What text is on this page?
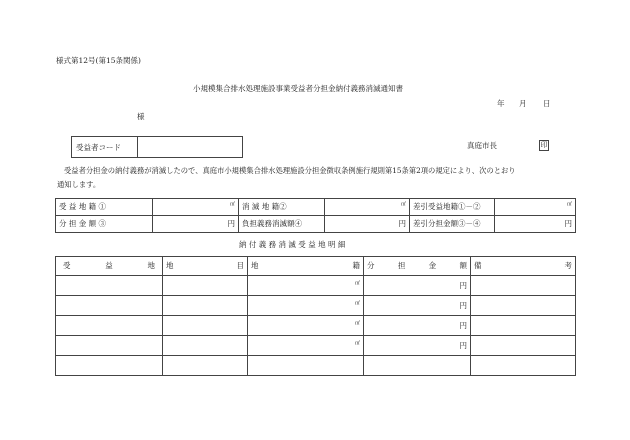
様式第12号(第15条関係)
小規模集合排水処理施設事業受益者分担金納付義務消滅通知書
年 月 日
様
受益者コード	真庭市長	印
受益者分担金の納付義務が消滅したので、真庭市小規模集合排水処理施設分担金徴収条例施行規則第15条第2項の規定により、次のとおり
通知します。
受 益 地 籍 ①	㎡	消 滅 地 籍②	㎡	差引受益地籍①－②	㎡
分 担 金 額 ③	円	負担義務消滅額④	円	差引分担金額③－④	円
納 付 義 務 消 滅 受 益 地 明 細
受 益 地	地 目	地 籍	分 担 金 額	備 考

		㎡	円	
		㎡	円	
		㎡	円	
		㎡	円	
